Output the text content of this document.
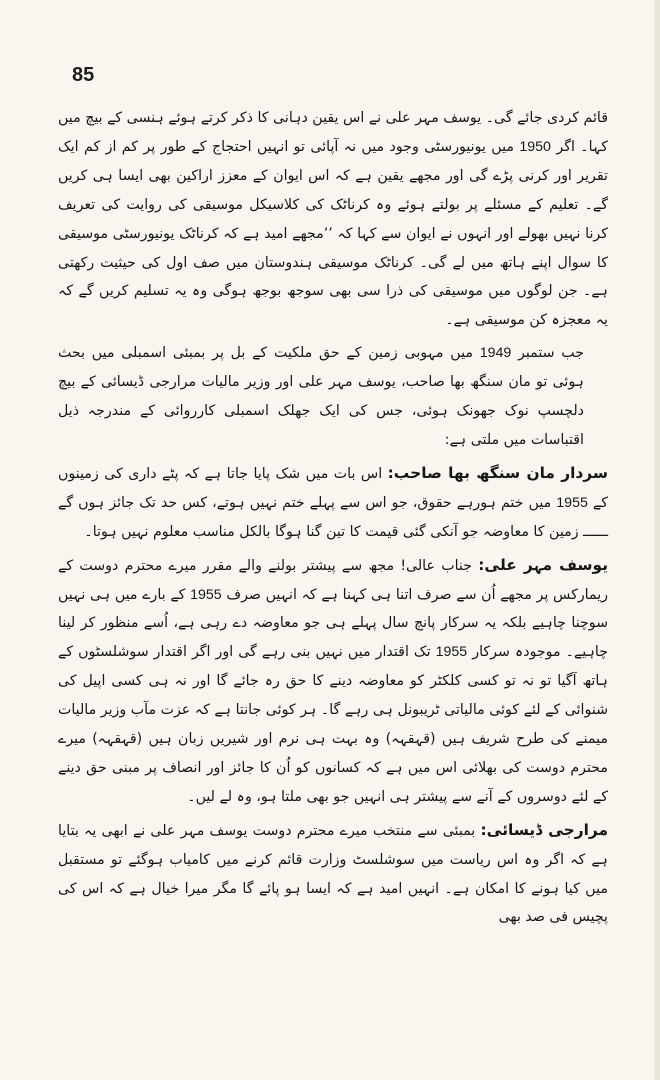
85

قائم کردی جائے گی۔ یوسف مہر علی نے اس یقین دہانی کا ذکر کرتے ہوئے ہنسی کے بیچ میں کہا۔ اگر 1950 میں یونیورسٹی وجود میں نہ آپائی تو انہیں احتجاج کے طور پر کم از کم ایک تقریر اور کرنی پڑے گی اور مجھے یقین ہے کہ اس ایوان کے معزز اراکین بھی ایسا ہی کریں گے۔ تعلیم کے مسئلے پر بولتے ہوئے وہ کرناٹک کی کلاسیکل موسیقی کی روایت کی تعریف کرنا نہیں بھولے اور انہوں نے ایوان سے کہا کہ ’’مجھے امید ہے کہ کرناٹک یونیورسٹی موسیقی کا سوال اپنے ہاتھ میں لے گی۔ کرناٹک موسیقی ہندوستان میں صف اول کی حیثیت رکھتی ہے۔ جن لوگوں میں موسیقی کی ذرا سی بھی سوجھ بوجھ ہوگی وہ یہ تسلیم کریں گے کہ یہ معجزہ کن موسیقی ہے۔

جب ستمبر 1949 میں مہوبی زمین کے حق ملکیت کے بل پر بمبئی اسمبلی میں بحث ہوئی تو مان سنگھ بھا صاحب، یوسف مہر علی اور وزیر مالیات مرارجی ڈیسائی کے بیچ دلچسپ نوک جھونک ہوئی، جس کی ایک جھلک اسمبلی کارروائی کے مندرجہ ذیل اقتباسات میں ملتی ہے:

سردار مان سنگھ بھا صاحب: اس بات میں شک پایا جاتا ہے کہ پٹے داری کی زمینوں کے 1955 میں ختم ہورہے حقوق، جو اس سے پہلے ختم نہیں ہوتے، کس حد تک جائز ہوں گے ــــــ زمین کا معاوضہ جو آنکی گئی قیمت کا تین گنا ہوگا بالکل مناسب معلوم نہیں ہوتا۔

یوسف مہر علی: جناب عالی! مجھ سے پیشتر بولنے والے مقرر میرے محترم دوست کے ریمارکس پر مجھے اُن سے صرف اتنا ہی کہنا ہے کہ انہیں صرف 1955 کے بارے میں ہی نہیں سوچنا چاہیے بلکہ یہ سرکار پانچ سال پہلے ہی جو معاوضہ دے رہی ہے، اُسے منظور کر لینا چاہیے۔ موجودہ سرکار 1955 تک اقتدار میں نہیں بنی رہے گی اور اگر اقتدار سوشلسٹوں کے ہاتھ آگیا تو نہ تو کسی کلکٹر کو معاوضہ دینے کا حق رہ جائے گا اور نہ ہی کسی اپیل کی شنوائی کے لئے کوئی مالیاتی ٹریبونل ہی رہے گا۔ ہر کوئی جانتا ہے کہ عزت مآب وزیر مالیات میمنے کی طرح شریف ہیں (قہقہہ) وہ بہت ہی نرم اور شیریں زبان ہیں (قہقہہ) میرے محترم دوست کی بھلائی اس میں ہے کہ کسانوں کو اُن کا جائز اور انصاف پر مبنی حق دینے کے لئے دوسروں کے آنے سے پیشتر ہی انہیں جو بھی ملتا ہو، وہ لے لیں۔

مرارجی ڈیسائی: بمبئی سے منتخب میرے محترم دوست یوسف مہر علی نے ابھی یہ بتایا ہے کہ اگر وہ اس ریاست میں سوشلسٹ وزارت قائم کرنے میں کامیاب ہوگئے تو مستقبل میں کیا ہونے کا امکان ہے۔ انہیں امید ہے کہ ایسا ہو پائے گا مگر میرا خیال ہے کہ اس کی پچیس فی صد بھی
